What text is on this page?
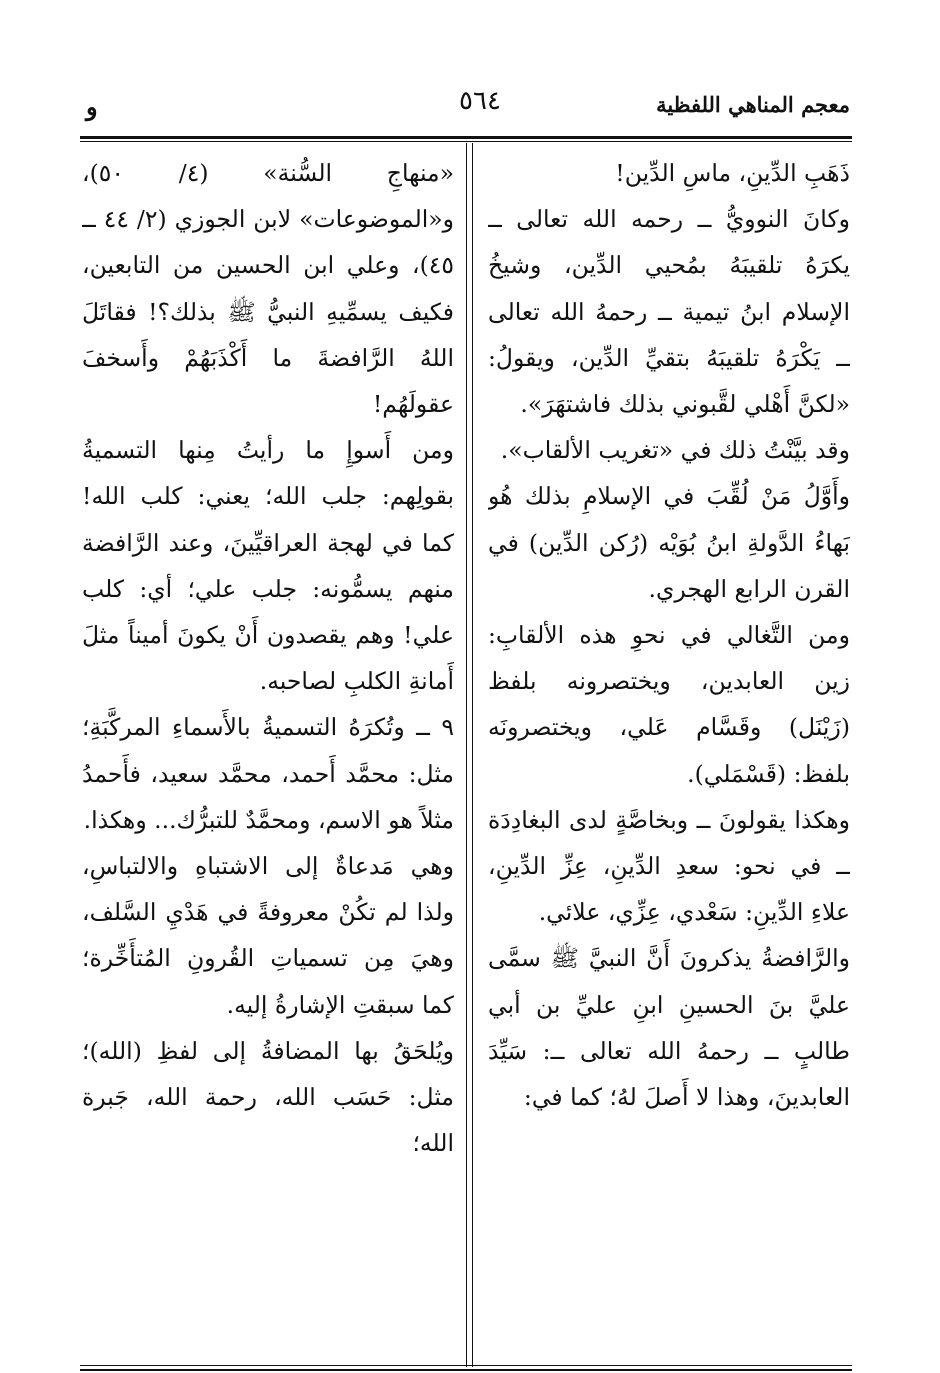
معجم المناهي اللفظية
٥٦٤
و

ذَهَبِ الدِّينِ، ماسِ الدِّين!

وكانَ النوويُّ ــ رحمه الله تعالى ــ يكرَهُ تلقيبَهُ بمُحيي الدِّين، وشيخُ الإسلام ابنُ تيمية ــ رحمهُ الله تعالى ــ يَكْرَهُ تلقيبَهُ بتقيِّ الدِّين، ويقولُ: «لكنَّ أَهْلي لقَّبوني بذلك فاشتهَرَ».

وقد بيَّنْتُ ذلك في «تغريب الألقاب».

وأَوَّلُ مَنْ لُقِّبَ في الإسلامِ بذلك هُو بَهاءُ الدَّولةِ ابنُ بُوَيْه (رُكن الدِّين) في القرن الرابع الهجري.

ومن التَّغالي في نحوِ هذه الألقابِ: زين العابدين، ويختصرونه بلفظ (زَيْنَل) وقَسَّام عَلي، ويختصرونَه بلفظ: (قَسْمَلي).

وهكذا يقولونَ ــ وبخاصَّةٍ لدى البغادِدَة ــ في نحو: سعدِ الدِّينِ، عِزِّ الدِّينِ، علاءِ الدِّينِ: سَعْدي، عِزِّي، علائي.

والرَّافضةُ يذكرونَ أَنَّ النبيَّ ﷺ سمَّى عليَّ بنَ الحسينِ ابنِ عليِّ بن أبي طالبٍ ــ رحمهُ الله تعالى ــ: سَيِّدَ العابدينَ، وهذا لا أَصلَ لهُ؛ كما في:

«منهاجِ السُّنة» (٤/ ٥٠)، و«الموضوعات» لابن الجوزي (٢/ ٤٤ ــ ٤٥)، وعلي ابن الحسين من التابعين، فكيف يسمِّيهِ النبيُّ ﷺ بذلك؟! فقاتَلَ اللهُ الرَّافضةَ ما أَكْذَبَهُمْ وأَسخفَ عقولَهُم!

ومن أَسوإِ ما رأيتُ مِنها التسميةُ بقولِهم: جلب الله؛ يعني: كلب الله! كما في لهجة العراقيِّينَ، وعند الرَّافضة منهم يسمُّونه: جلب علي؛ أي: كلب علي! وهم يقصدون أَنْ يكونَ أميناً مثلَ أَمانةِ الكلبِ لصاحبه.

٩ ــ وتُكرَهُ التسميةُ بالأَسماءِ المركَّبَةِ؛ مثل: محمَّد أَحمد، محمَّد سعيد، فأَحمدُ مثلاً هو الاسم، ومحمَّدٌ للتبرُّك... وهكذا.

وهي مَدعاةٌ إلى الاشتباهِ والالتباسِ، ولذا لم تكُنْ معروفةً في هَدْيِ السَّلف، وهيَ مِن تسمياتِ القُرونِ المُتأَخِّرة؛ كما سبقتِ الإشارةُ إليه.

ويُلحَقُ بها المضافةُ إلى لفظِ (الله)؛ مثل: حَسَب الله، رحمة الله، جَبرة الله؛
